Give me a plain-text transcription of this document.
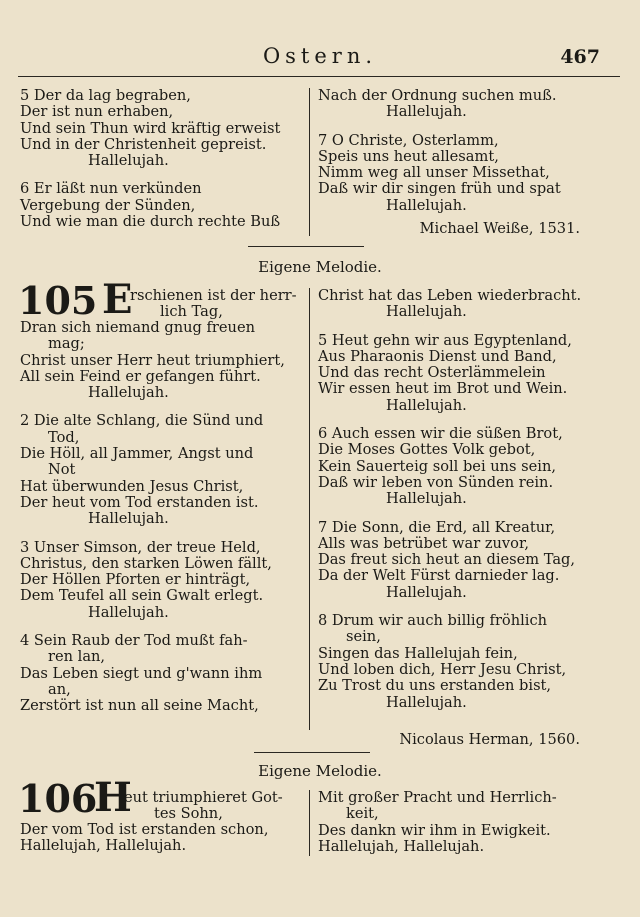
Ostern.	467
5 Der da lag begraben,
Der ist nun erhaben,
Und sein Thun wird kräftig erweist
Und in der Christenheit gepreist.
Hallelujah.
6 Er läßt nun verkünden
Vergebung der Sünden,
Und wie man die durch rechte Buß
Nach der Ordnung suchen muß.
Hallelujah.
7 O Christe, Osterlamm,
Speis uns heut allesamt,
Nimm weg all unser Missethat,
Daß wir dir singen früh und spat
Hallelujah.
Michael Weiße, 1531.
Eigene Melodie.
105 E
rschienen ist der herr-
lich Tag,
Dran sich niemand gnug freuen
mag;
Christ unser Herr heut triumphiert,
All sein Feind er gefangen führt.
Hallelujah.
2 Die alte Schlang, die Sünd und
Tod,
Die Höll, all Jammer, Angst und
Not
Hat überwunden Jesus Christ,
Der heut vom Tod erstanden ist.
Hallelujah.
3 Unser Simson, der treue Held,
Christus, den starken Löwen fällt,
Der Höllen Pforten er hinträgt,
Dem Teufel all sein Gwalt erlegt.
Hallelujah.
4 Sein Raub der Tod mußt fah-
ren lan,
Das Leben siegt und g'wann ihm
an,
Zerstört ist nun all seine Macht,
Christ hat das Leben wiederbracht.
Hallelujah.
5 Heut gehn wir aus Egyptenland,
Aus Pharaonis Dienst und Band,
Und das recht Osterlämmelein
Wir essen heut im Brot und Wein.
Hallelujah.
6 Auch essen wir die süßen Brot,
Die Moses Gottes Volk gebot,
Kein Sauerteig soll bei uns sein,
Daß wir leben von Sünden rein.
Hallelujah.
7 Die Sonn, die Erd, all Kreatur,
Alls was betrübet war zuvor,
Das freut sich heut an diesem Tag,
Da der Welt Fürst darnieder lag.
Hallelujah.
8 Drum wir auch billig fröhlich
sein,
Singen das Hallelujah fein,
Und loben dich, Herr Jesu Christ,
Zu Trost du uns erstanden bist,
Hallelujah.
Nicolaus Herman, 1560.
Eigene Melodie.
106
H
eut triumphieret Got-
tes Sohn,
Der vom Tod ist erstanden schon,
Hallelujah, Hallelujah.
Mit großer Pracht und Herrlich-
keit,
Des dankn wir ihm in Ewigkeit.
Hallelujah, Hallelujah.
